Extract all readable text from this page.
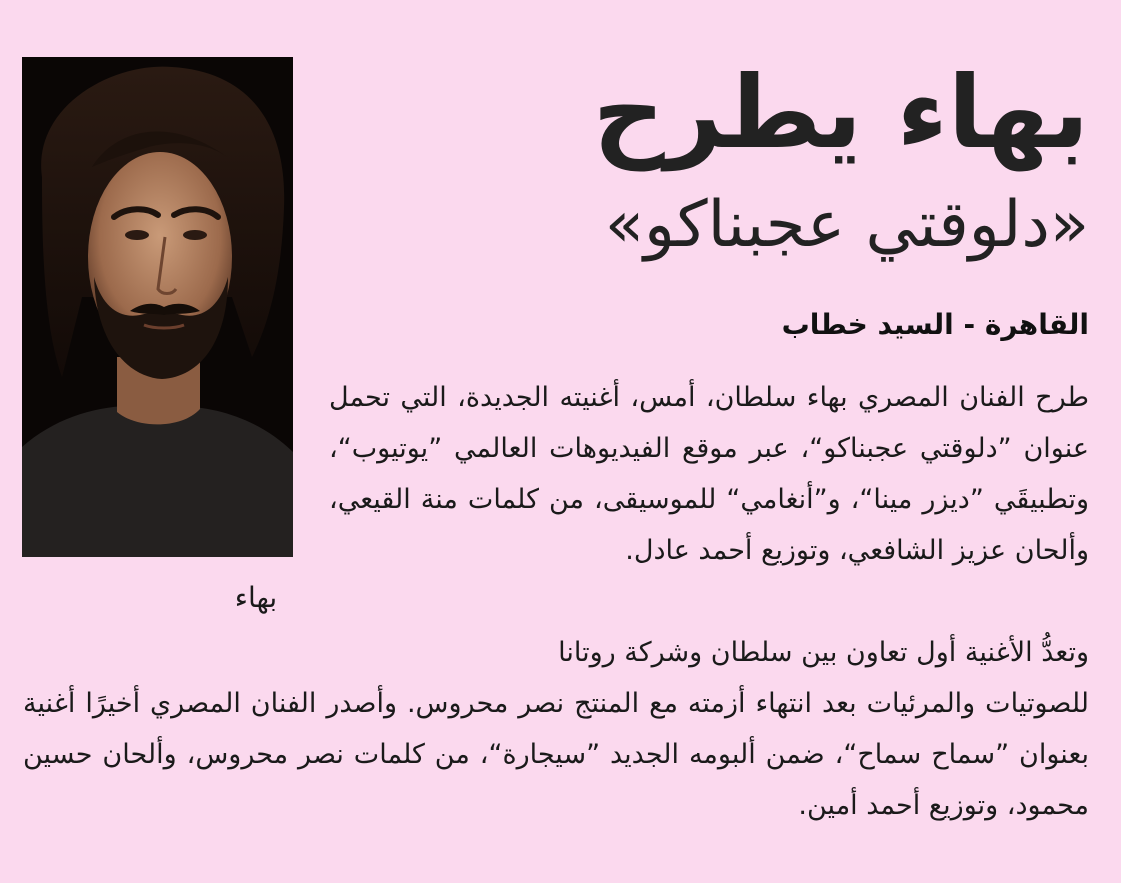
بهاء يطرح
«دلوقتي عجبناكو»
القاهرة - السيد خطاب
بهاء

طرح الفنان المصري بهاء سلطان، أمس، أغنيته الجديدة، التي تحمل عنوان ”دلوقتي عجبناكو“، عبر موقع الفيديوهات العالمي ”يوتيوب“، وتطبيقَي ”ديزر مينا“، و”أنغامي“ للموسيقى، من كلمات منة القيعي، وألحان عزيز الشافعي، وتوزيع أحمد عادل.

وتعدُّ الأغنية أول تعاون بين سلطان وشركة روتانا

للصوتيات والمرئيات بعد انتهاء أزمته مع المنتج نصر محروس. وأصدر الفنان المصري أخيرًا أغنية بعنوان ”سماح سماح“، ضمن ألبومه الجديد ”سيجارة“، من كلمات نصر محروس، وألحان حسين محمود، وتوزيع أحمد أمين.
